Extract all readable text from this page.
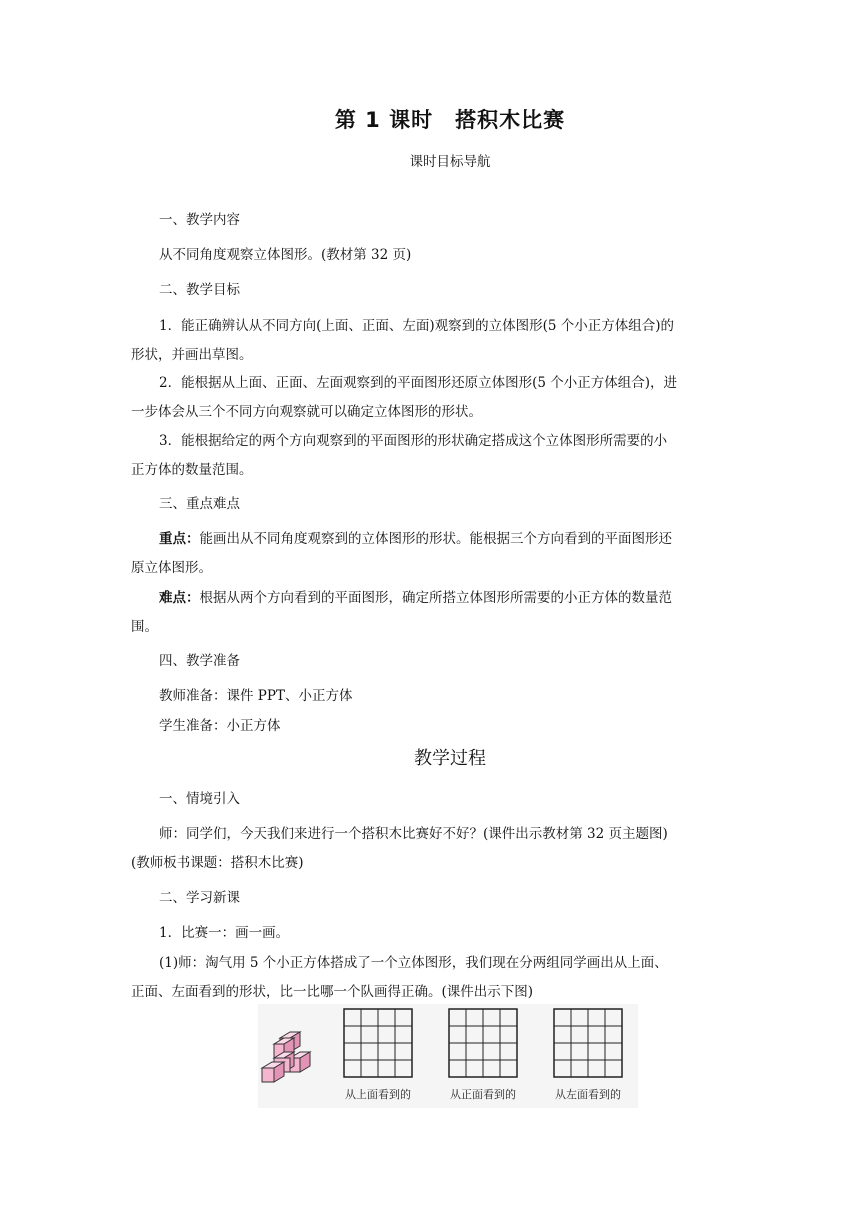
第 1 课时　搭积木比赛
课时目标导航
一、教学内容
从不同角度观察立体图形。(教材第 32 页)
二、教学目标
1．能正确辨认从不同方向(上面、正面、左面)观察到的立体图形(5 个小正方体组合)的
形状，并画出草图。
2．能根据从上面、正面、左面观察到的平面图形还原立体图形(5 个小正方体组合)，进
一步体会从三个不同方向观察就可以确定立体图形的形状。
3．能根据给定的两个方向观察到的平面图形的形状确定搭成这个立体图形所需要的小
正方体的数量范围。
三、重点难点
重点：能画出从不同角度观察到的立体图形的形状。能根据三个方向看到的平面图形还
原立体图形。
难点：根据从两个方向看到的平面图形，确定所搭立体图形所需要的小正方体的数量范
围。
四、教学准备
教师准备：课件 PPT、小正方体
学生准备：小正方体
教学过程
一、情境引入
师：同学们，今天我们来进行一个搭积木比赛好不好？(课件出示教材第 32 页主题图)
(教师板书课题：搭积木比赛)
二、学习新课
1．比赛一：画一画。
(1)师：淘气用 5 个小正方体搭成了一个立体图形，我们现在分两组同学画出从上面、
正面、左面看到的形状，比一比哪一个队画得正确。(课件出示下图)
从上面看到的	从正面看到的	从左面看到的
